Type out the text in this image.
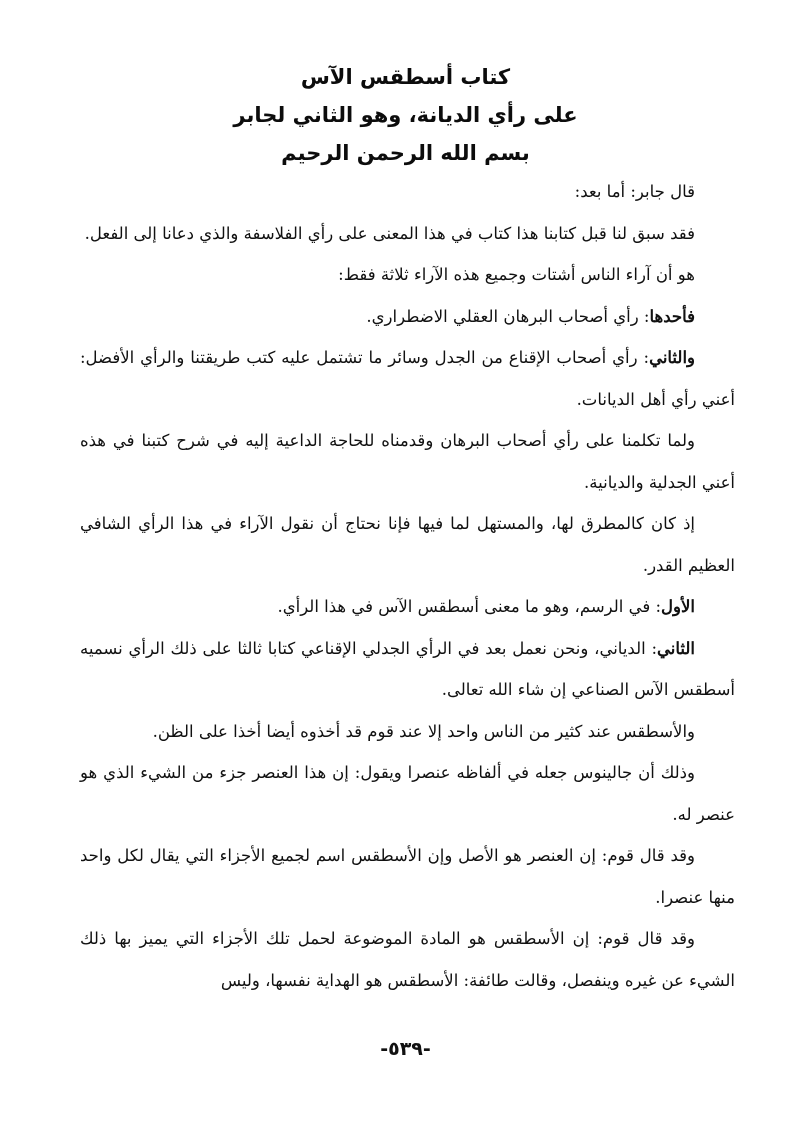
كتاب أسطقس الآس

على رأي الديانة، وهو الثاني لجابر

بسم الله الرحمن الرحيم

قال جابر: أما بعد:

فقد سبق لنا قبل كتابنا هذا كتاب في هذا المعنى على رأي الفلاسفة والذي دعانا إلى الفعل.

هو أن آراء الناس أشتات وجميع هذه الآراء ثلاثة فقط:

فأحدها: رأي أصحاب البرهان العقلي الاضطراري.

والثاني: رأي أصحاب الإقناع من الجدل وسائر ما تشتمل عليه كتب طريقتنا والرأي الأفضل: أعني رأي أهل الديانات.

ولما تكلمنا على رأي أصحاب البرهان وقدمناه للحاجة الداعية إليه في شرح كتبنا في هذه أعني الجدلية والديانية.

إذ كان كالمطرق لها، والمستهل لما فيها فإنا نحتاج أن نقول الآراء في هذا الرأي الشافي العظيم القدر.

الأول: في الرسم، وهو ما معنى أسطقس الآس في هذا الرأي.

الثاني: الدياني، ونحن نعمل بعد في الرأي الجدلي الإقناعي كتابا ثالثا على ذلك الرأي نسميه أسطقس الآس الصناعي إن شاء الله تعالى.

والأسطقس عند كثير من الناس واحد إلا عند قوم قد أخذوه أيضا أخذا على الظن.

وذلك أن جالينوس جعله في ألفاظه عنصرا ويقول: إن هذا العنصر جزء من الشيء الذي هو عنصر له.

وقد قال قوم: إن العنصر هو الأصل وإن الأسطقس اسم لجميع الأجزاء التي يقال لكل واحد منها عنصرا.

وقد قال قوم: إن الأسطقس هو المادة الموضوعة لحمل تلك الأجزاء التي يميز بها ذلك الشيء عن غيره وينفصل، وقالت طائفة: الأسطقس هو الهداية نفسها، وليس

-٥٣٩-
